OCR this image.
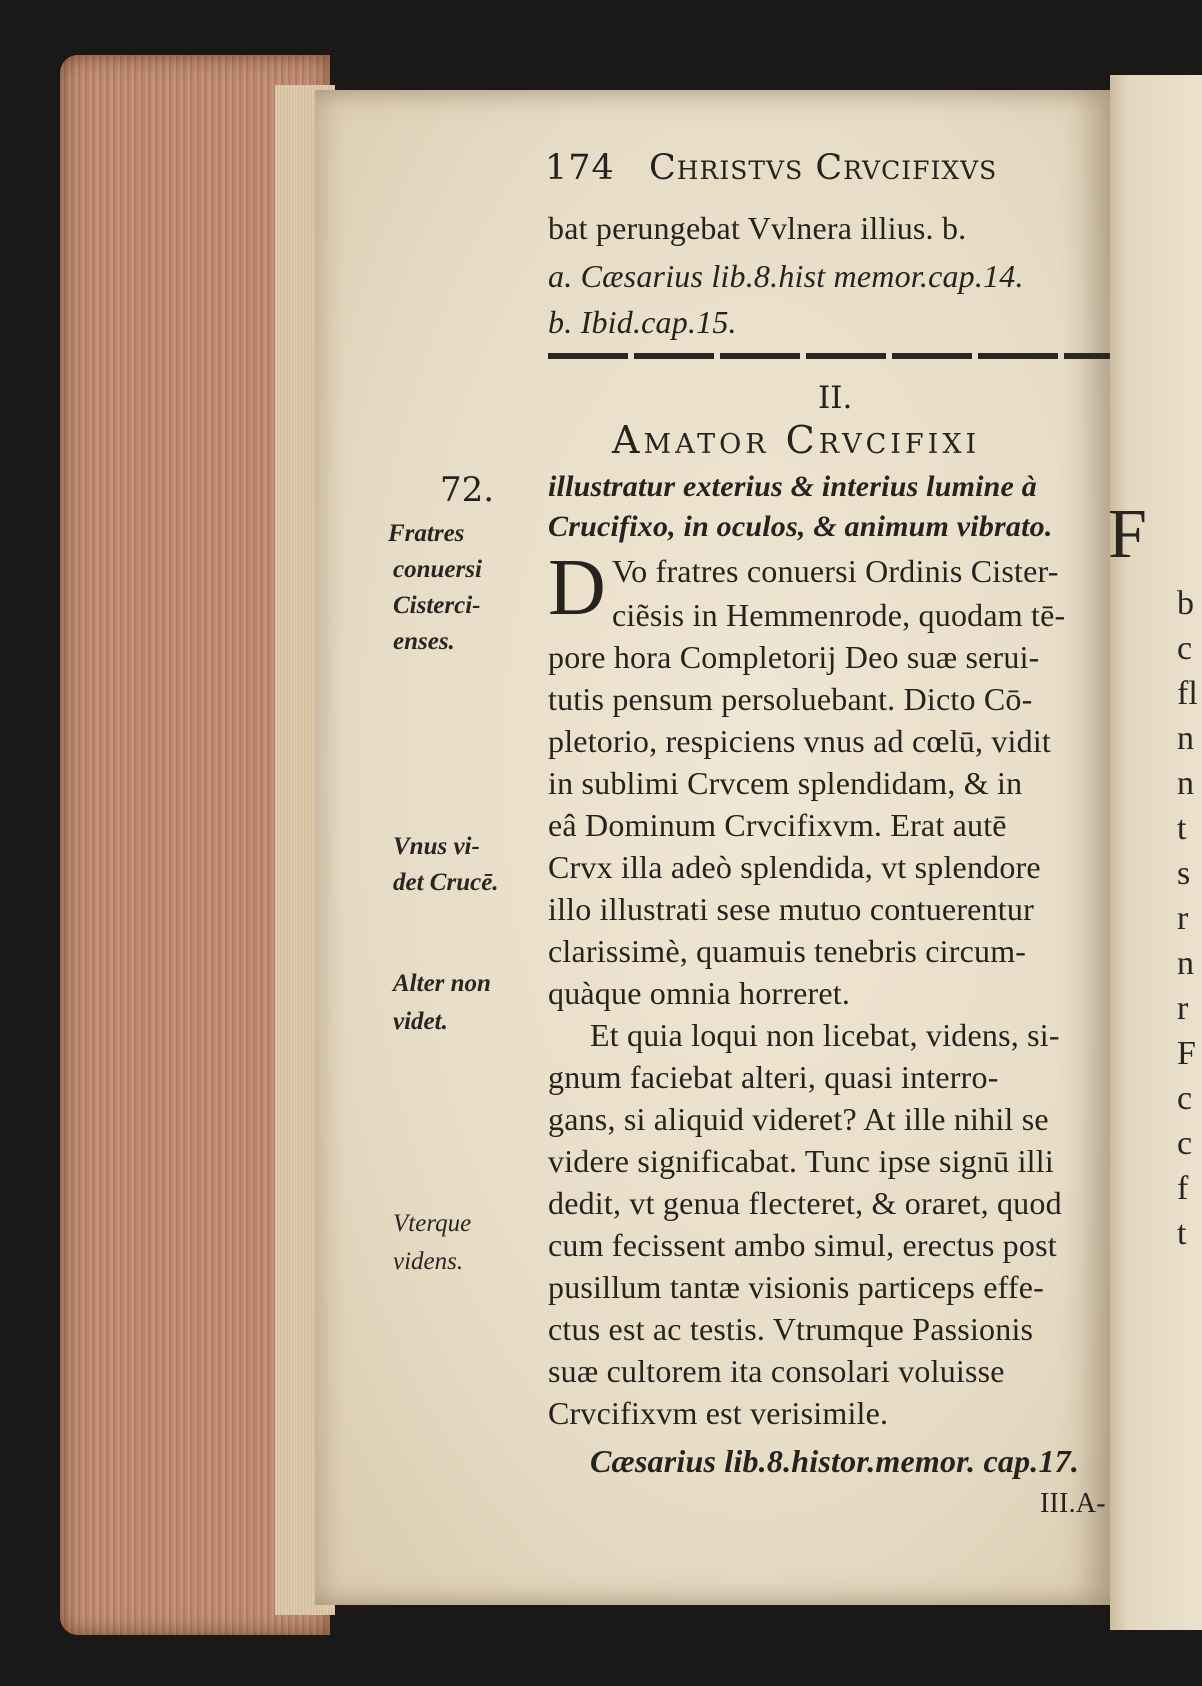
174 Christvs Crvcifixvs
bat perungebat Vvlnera illius. b.
a. Cæsarius lib.8.hist memor.cap.14.
b. Ibid.cap.15.
II.
Amator Crvcifixi
illustratur exterius & interius lumine à
Crucifixo, in oculos, & animum vibrato.
D Vo fratres conuersi Ordinis Cister-
ciẽsis in Hemmenrode, quodam tē-
pore hora Completorij Deo suæ serui-
tutis pensum persoluebant. Dicto Cō-
pletorio, respiciens vnus ad cœlū, vidit
in sublimi Crvcem splendidam, & in
eâ Dominum Crvcifixvm. Erat autē
Crvx illa adeò splendida, vt splendore
illo illustrati sese mutuo contuerentur
clarissimè, quamuis tenebris circum-
quàque omnia horreret.
Et quia loqui non licebat, videns, si-
gnum faciebat alteri, quasi interro-
gans, si aliquid videret? At ille nihil se
videre significabat. Tunc ipse signū illi
dedit, vt genua flecteret, & oraret, quod
cum fecissent ambo simul, erectus post
pusillum tantæ visionis particeps effe-
ctus est ac testis. Vtrumque Passionis
suæ cultorem ita consolari voluisse
Crvcifixvm est verisimile.
Cæsarius lib.8.histor.memor. cap.17.
III.A-
72.
Fratres
conuersi
Cisterci-
enses.
Vnus vi-
det Crucē.
Alter non
videt.
Vterque
videns.
F
b
c
fl
n
n
t
s
r
n
r
F
c
c
f
t
